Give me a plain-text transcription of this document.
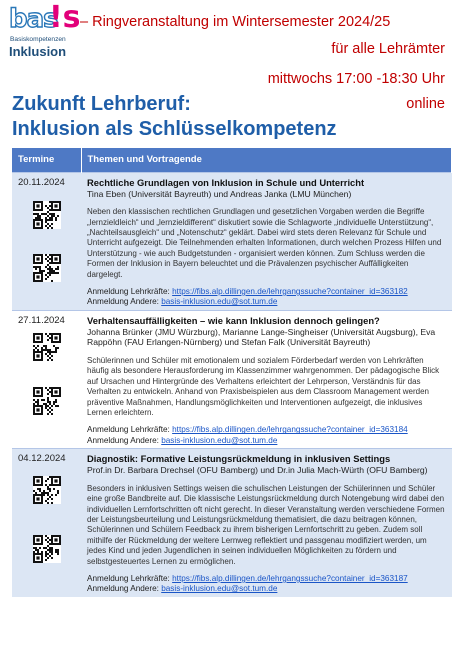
bas
!s
Basiskompetenzen
Inklusion
– Ringveranstaltung im Wintersemester 2024/25
für alle Lehrämter
mittwochs 17:00 -18:30 Uhr
online
Zukunft Lehrberuf:
Inklusion als Schlüsselkompetenz
Termine	Themen und Vortragende

20.11.2024	Rechtliche Grundlagen von Inklusion in Schule und Unterricht
Tina Eben (Universität Bayreuth) und Andreas Janka (LMU München)
Neben den klassischen rechtlichen Grundlagen und gesetzlichen Vorgaben werden die Begriffe „lernzieldleich“ und „lernzieldifferent“ diskutiert sowie die Schlagworte „individuelle Unterstützung“, „Nachteilsausgleich“ und „Notenschutz“ geklärt. Dabei wird stets deren Relevanz für Schule und Unterricht aufgezeigt. Die Teilnehmenden erhalten Informationen, durch welchen Prozess Hilfen und Unterstützung - wie auch Budgetstunden - organisiert werden können. Zum Schluss werden die Formen der Inklusion in Bayern beleuchtet und die Prävalenzen psychischer Auffälligkeiten dargelegt.
Anmeldung Lehrkräfte: https://fibs.alp.dillingen.de/lehrgangssuche?container_id=363182
Anmeldung Andere: basis-inklusion.edu@sot.tum.de

27.11.2024	Verhaltensauffälligkeiten – wie kann Inklusion dennoch gelingen?
Johanna Brünker (JMU Würzburg), Marianne Lange-Singheiser (Universität Augsburg), Eva Rappöhn (FAU Erlangen-Nürnberg) und Stefan Falk (Universität Bayreuth)
Schülerinnen und Schüler mit emotionalem und sozialem Förderbedarf werden von Lehrkräften häufig als besondere Herausforderung im Klassenzimmer wahrgenommen. Der pädagogische Blick auf Ursachen und Hintergründe des Verhaltens erleichtert der Lehrperson, Verständnis für das Verhalten zu entwickeln. Anhand von Praxisbeispielen aus dem Classroom Management werden präventive Maßnahmen, Handlungsmöglichkeiten und Interventionen aufgezeigt, die inklusives Lernen erleichtern.
Anmeldung Lehrkräfte: https://fibs.alp.dillingen.de/lehrgangssuche?container_id=363184
Anmeldung Andere: basis-inklusion.edu@sot.tum.de

04.12.2024	Diagnostik: Formative Leistungsrückmeldung in inklusiven Settings
Prof.in Dr. Barbara Drechsel (OFU Bamberg) und Dr.in Julia Mach-Würth (OFU Bamberg)
Besonders in inklusiven Settings weisen die schulischen Leistungen der Schülerinnen und Schüler eine große Bandbreite auf. Die klassische Leistungsrückmeldung durch Notengebung wird dabei den individuellen Lernfortschritten oft nicht gerecht. In dieser Veranstaltung werden verschiedene Formen der Leistungsbeurteilung und Leistungsrückmeldung thematisiert, die dazu beitragen können, Schülerinnen und Schülern Feedback zu ihrem bisherigen Lernfortschritt zu geben. Zudem soll mithilfe der Rückmeldung der weitere Lernweg reflektiert und passgenau modifiziert werden, um jedes Kind und jeden Jugendlichen in seinen individuellen Möglichkeiten zu fördern und selbstgesteuertes Lernen zu ermöglichen.
Anmeldung Lehrkräfte: https://fibs.alp.dillingen.de/lehrgangssuche?container_id=363187
Anmeldung Andere: basis-inklusion.edu@sot.tum.de
